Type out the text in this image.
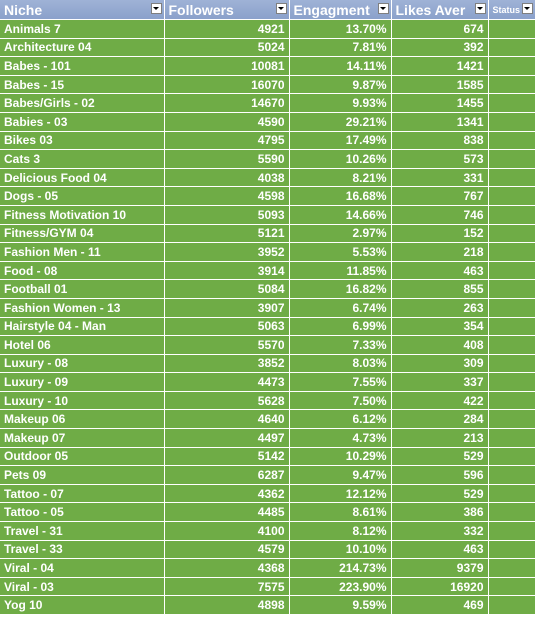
Niche	Followers	Engagment	Likes Aver	Status

Animals 7	4921	13.70%	674	
Architecture 04	5024	7.81%	392	
Babes - 101	10081	14.11%	1421	
Babes - 15	16070	9.87%	1585	
Babes/Girls - 02	14670	9.93%	1455	
Babies - 03	4590	29.21%	1341	
Bikes 03	4795	17.49%	838	
Cats 3	5590	10.26%	573	
Delicious Food 04	4038	8.21%	331	
Dogs - 05	4598	16.68%	767	
Fitness Motivation 10	5093	14.66%	746	
Fitness/GYM 04	5121	2.97%	152	
Fashion Men - 11	3952	5.53%	218	
Food - 08	3914	11.85%	463	
Football 01	5084	16.82%	855	
Fashion Women - 13	3907	6.74%	263	
Hairstyle 04 - Man	5063	6.99%	354	
Hotel 06	5570	7.33%	408	
Luxury - 08	3852	8.03%	309	
Luxury - 09	4473	7.55%	337	
Luxury - 10	5628	7.50%	422	
Makeup 06	4640	6.12%	284	
Makeup 07	4497	4.73%	213	
Outdoor 05	5142	10.29%	529	
Pets 09	6287	9.47%	596	
Tattoo - 07	4362	12.12%	529	
Tattoo - 05	4485	8.61%	386	
Travel - 31	4100	8.12%	332	
Travel - 33	4579	10.10%	463	
Viral - 04	4368	214.73%	9379	
Viral - 03	7575	223.90%	16920	
Yog 10	4898	9.59%	469	
